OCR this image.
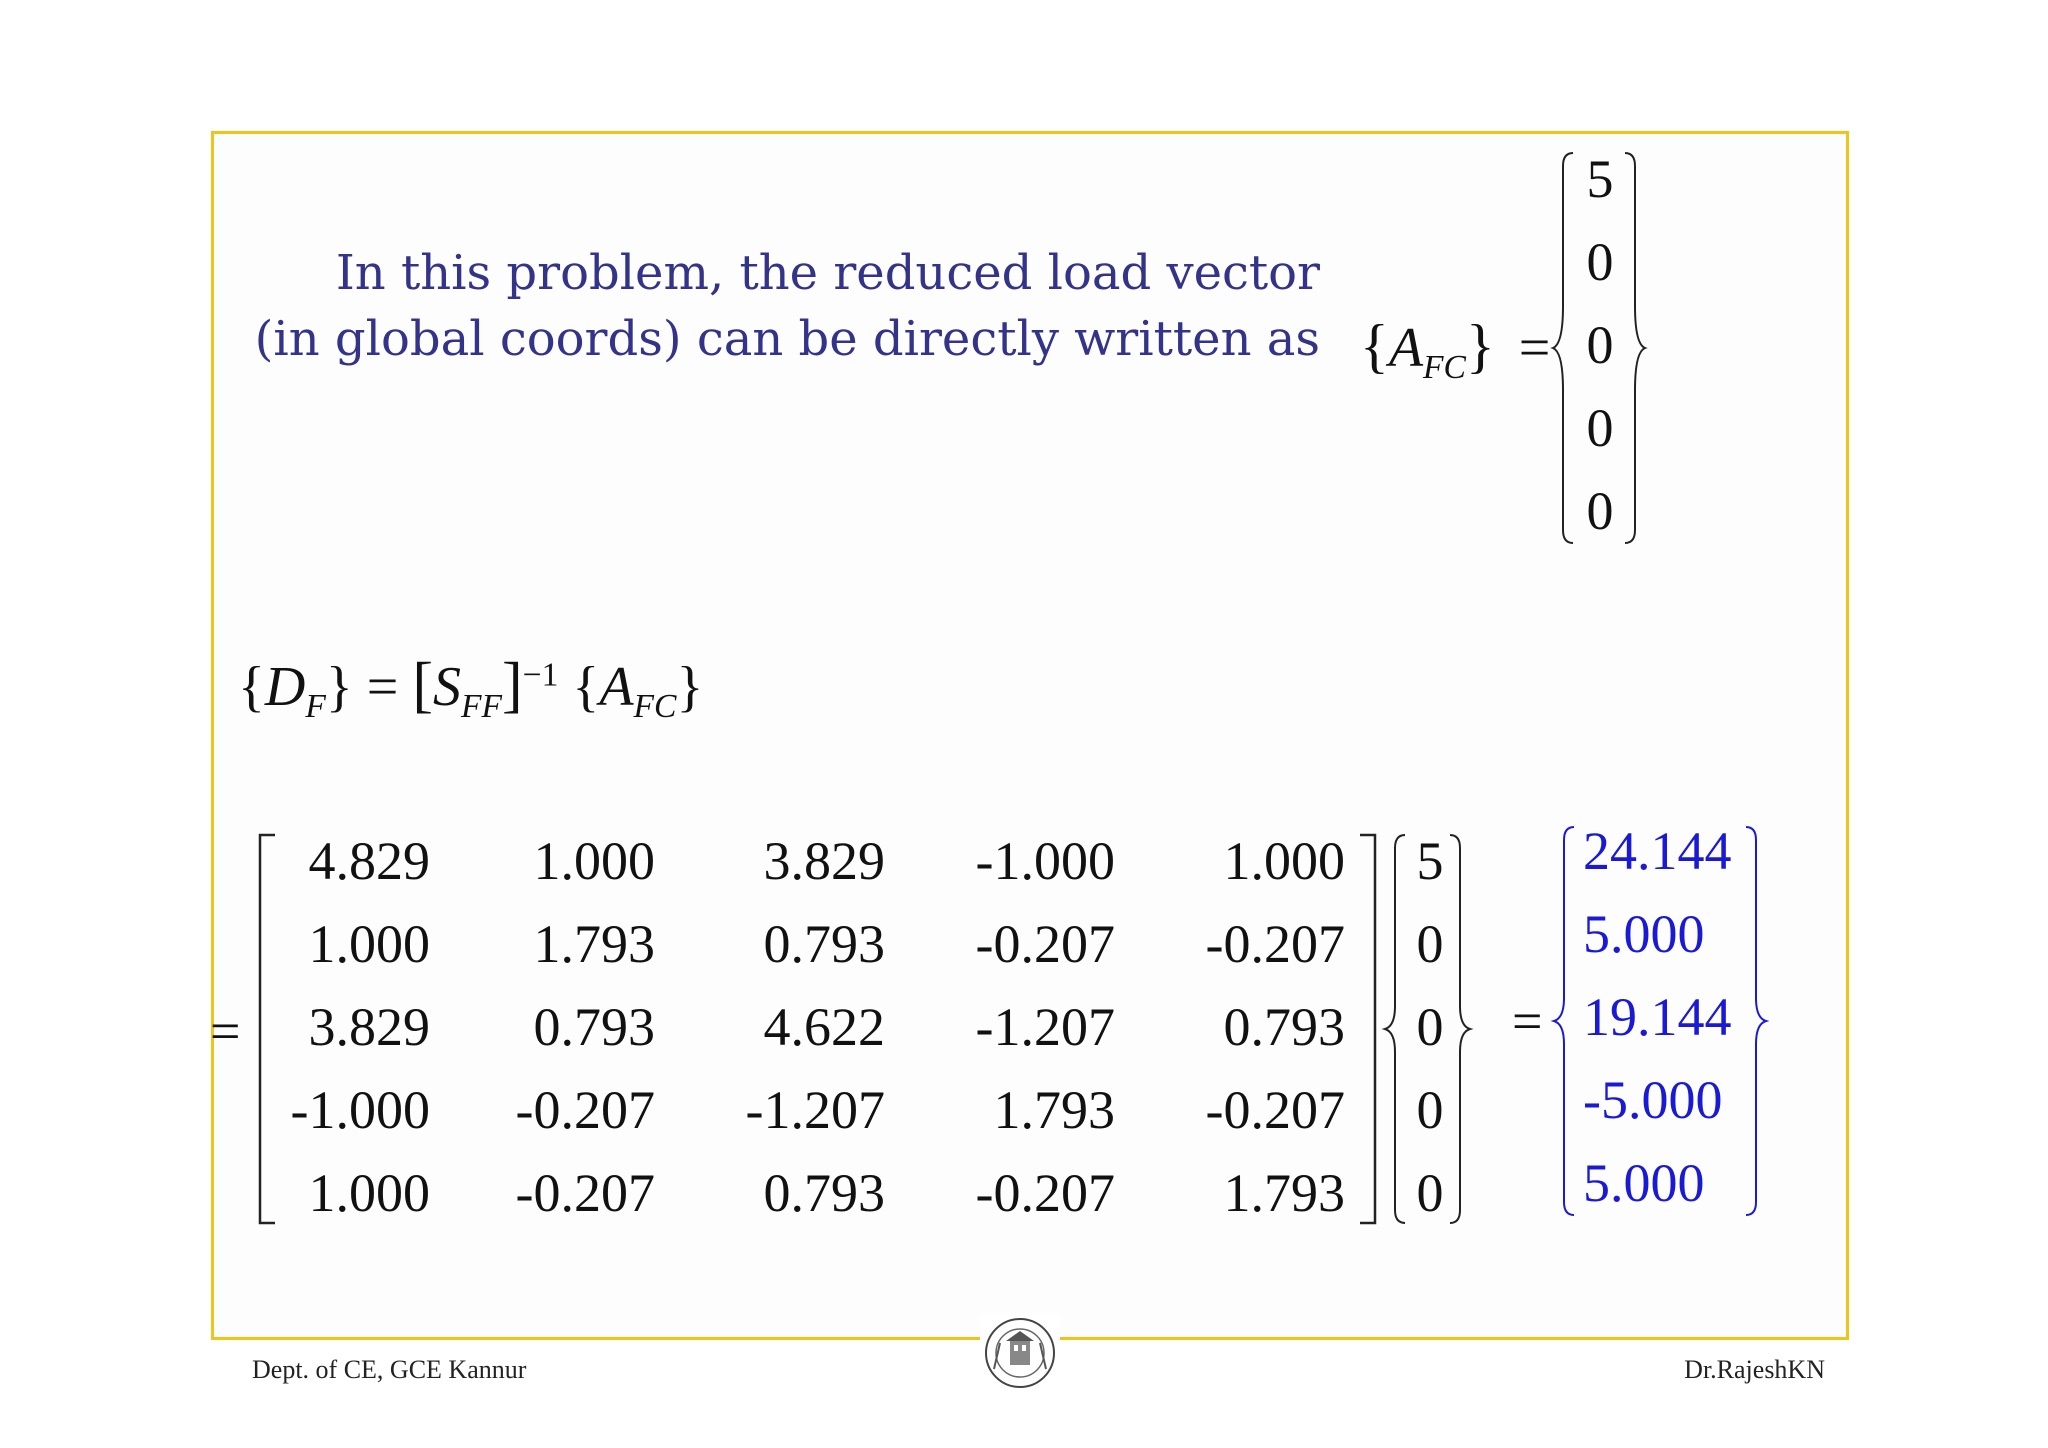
In this problem, the reduced load vector
(in global coords) can be directly written as $\{A_{FC}\}$ =
5
0
0
0
0
$\{D_F\} = [S_{FF}]^{-1}$ $\{A_{FC}\}$
=
4.829	1.000	3.829	-1.000	1.000
1.000	1.793	0.793	-0.207	-0.207
3.829	0.793	4.622	-1.207	0.793
-1.000	-0.207	-1.207	1.793	-0.207
1.000	-0.207	0.793	-0.207	1.793
5
0
0
0
0
=
24.144
5.000
19.144
-5.000
5.000
Dept. of CE, GCE Kannur	Dr.RajeshKN
